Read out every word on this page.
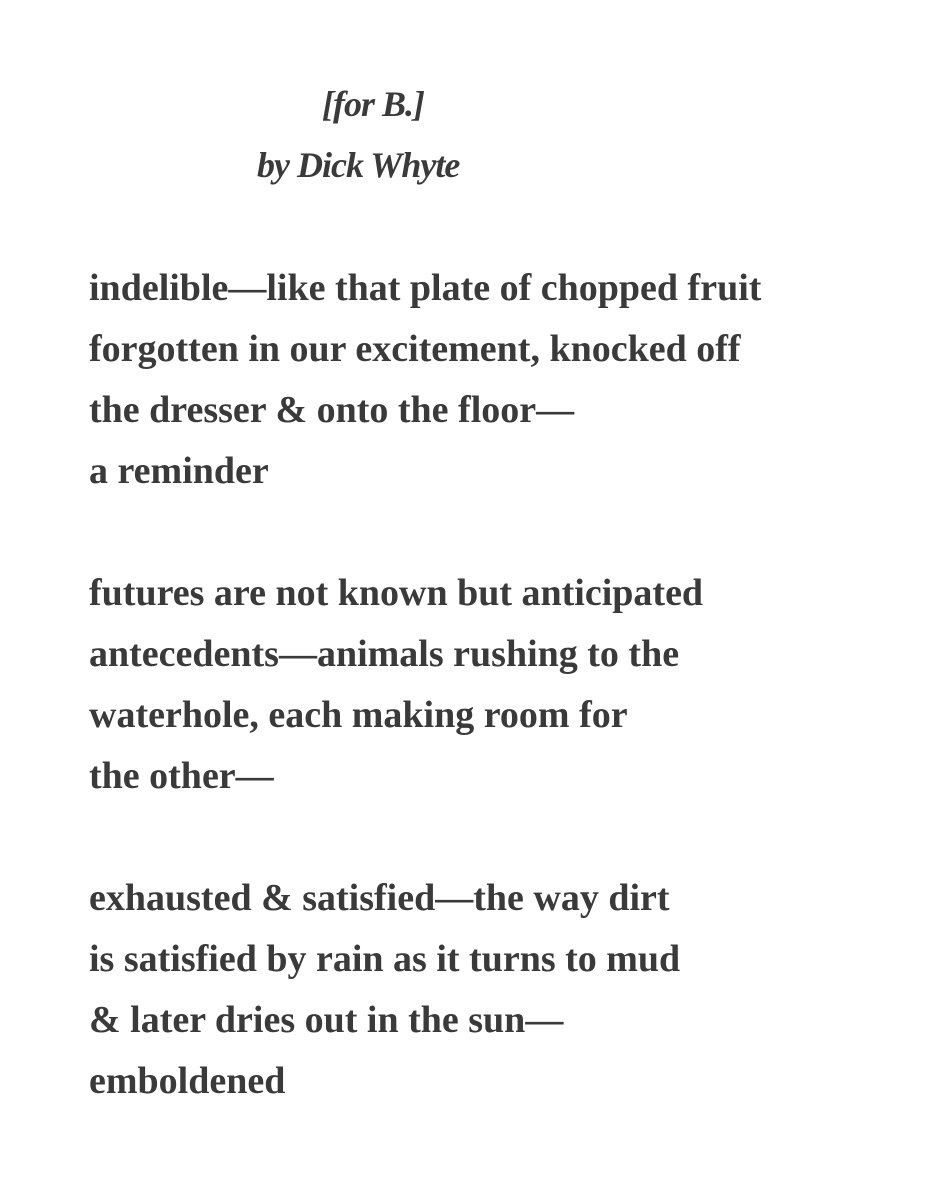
[for B.]
by Dick Whyte

indelible—like that plate of chopped fruit
forgotten in our excitement, knocked off
the dresser & onto the floor—
a reminder

futures are not known but anticipated
antecedents—animals rushing to the
waterhole, each making room for
the other—

exhausted & satisfied—the way dirt
is satisfied by rain as it turns to mud
& later dries out in the sun—
emboldened
